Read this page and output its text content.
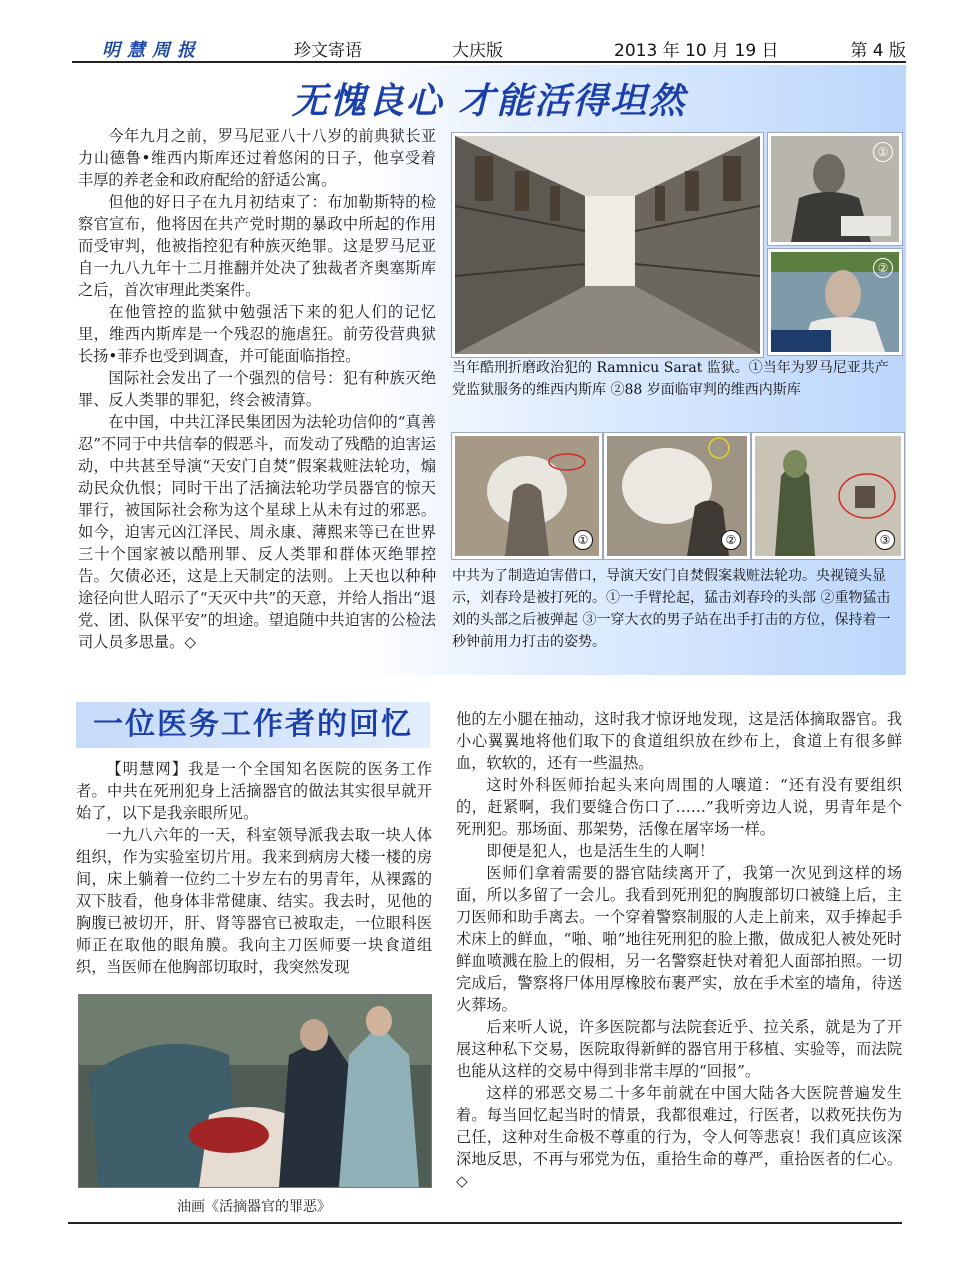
明慧周报	珍文寄语	大庆版	2013 年 10 月 19 日	第 4 版
无愧良心 才能活得坦然

今年九月之前，罗马尼亚八十八岁的前典狱长亚力山德鲁•维西内斯库还过着悠闲的日子，他享受着丰厚的养老金和政府配给的舒适公寓。

但他的好日子在九月初结束了：布加勒斯特的检察官宣布，他将因在共产党时期的暴政中所起的作用而受审判，他被指控犯有种族灭绝罪。这是罗马尼亚自一九八九年十二月推翻并处决了独裁者齐奥塞斯库之后，首次审理此类案件。

在他管控的监狱中勉强活下来的犯人们的记忆里，维西内斯库是一个残忍的施虐狂。前劳役营典狱长扬•菲乔也受到调查，并可能面临指控。

国际社会发出了一个强烈的信号：犯有种族灭绝罪、反人类罪的罪犯，终会被清算。

在中国，中共江泽民集团因为法轮功信仰的“真善忍”不同于中共信奉的假恶斗，而发动了残酷的迫害运动，中共甚至导演“天安门自焚”假案栽赃法轮功，煽动民众仇恨；同时干出了活摘法轮功学员器官的惊天罪行，被国际社会称为这个星球上从未有过的邪恶。如今，迫害元凶江泽民、周永康、薄熙来等已在世界三十个国家被以酷刑罪、反人类罪和群体灭绝罪控告。欠债必还，这是上天制定的法则。上天也以种种途径向世人昭示了“天灭中共”的天意，并给人指出“退党、团、队保平安”的坦途。望追随中共迫害的公检法司人员多思量。◇

①
②
当年酷刑折磨政治犯的 Ramnicu Sarat 监狱。①当年为罗马尼亚共产党监狱服务的维西内斯库 ②88 岁面临审判的维西内斯库
①	②	③
中共为了制造迫害借口，导演天安门自焚假案栽赃法轮功。央视镜头显示，刘春玲是被打死的。①一手臂抡起，猛击刘春玲的头部 ②重物猛击刘的头部之后被弹起 ③一穿大衣的男子站在出手打击的方位，保持着一秒钟前用力打击的姿势。
一位医务工作者的回忆

【明慧网】我是一个全国知名医院的医务工作者。中共在死刑犯身上活摘器官的做法其实很早就开始了，以下是我亲眼所见。

一九八六年的一天，科室领导派我去取一块人体组织，作为实验室切片用。我来到病房大楼一楼的房间，床上躺着一位约二十岁左右的男青年，从裸露的双下肢看，他身体非常健康、结实。我去时，见他的胸腹已被切开，肝、肾等器官已被取走，一位眼科医师正在取他的眼角膜。我向主刀医师要一块食道组织，当医师在他胸部切取时，我突然发现

油画《活摘器官的罪恶》

他的左小腿在抽动，这时我才惊讶地发现，这是活体摘取器官。我小心翼翼地将他们取下的食道组织放在纱布上，食道上有很多鲜血，软软的，还有一些温热。

这时外科医师抬起头来向周围的人嚷道：“还有没有要组织的，赶紧啊，我们要缝合伤口了……”我听旁边人说，男青年是个死刑犯。那场面、那架势，活像在屠宰场一样。

即便是犯人，也是活生生的人啊！

医师们拿着需要的器官陆续离开了，我第一次见到这样的场面，所以多留了一会儿。我看到死刑犯的胸腹部切口被缝上后，主刀医师和助手离去。一个穿着警察制服的人走上前来，双手捧起手术床上的鲜血，“啪、啪”地往死刑犯的脸上撒，做成犯人被处死时鲜血喷溅在脸上的假相，另一名警察赶快对着犯人面部拍照。一切完成后，警察将尸体用厚橡胶布裹严实，放在手术室的墙角，待送火葬场。

后来听人说，许多医院都与法院套近乎、拉关系，就是为了开展这种私下交易，医院取得新鲜的器官用于移植、实验等，而法院也能从这样的交易中得到非常丰厚的“回报”。

这样的邪恶交易二十多年前就在中国大陆各大医院普遍发生着。每当回忆起当时的情景，我都很难过，行医者，以救死扶伤为己任，这种对生命极不尊重的行为，令人何等悲哀！我们真应该深深地反思，不再与邪党为伍，重拾生命的尊严，重拾医者的仁心。◇
